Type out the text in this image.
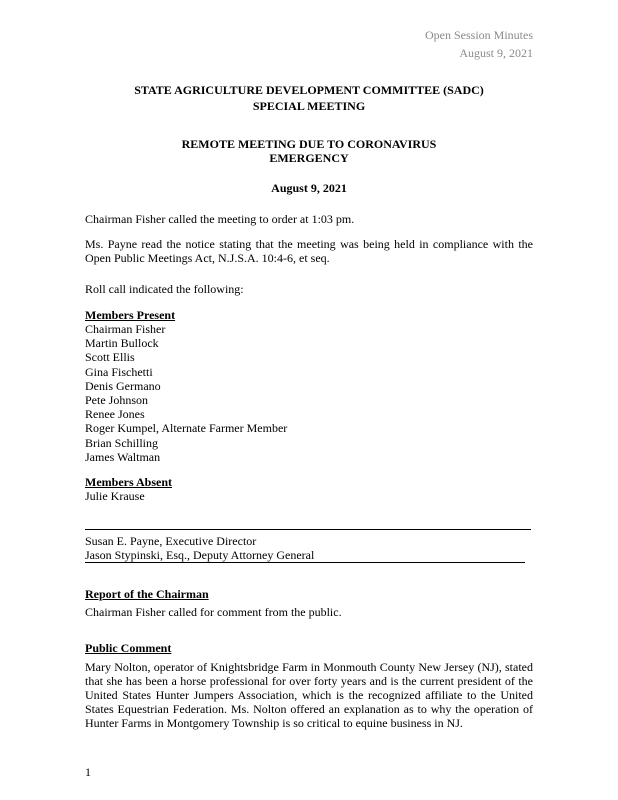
Open Session Minutes
August 9, 2021
STATE AGRICULTURE DEVELOPMENT COMMITTEE (SADC)
SPECIAL MEETING
REMOTE MEETING DUE TO CORONAVIRUS
EMERGENCY
August 9, 2021
Chairman Fisher called the meeting to order at 1:03 pm.
Ms. Payne read the notice stating that the meeting was being held in compliance with the Open Public Meetings Act, N.J.S.A. 10:4-6, et seq.
Roll call indicated the following:
Members Present
Chairman Fisher
Martin Bullock
Scott Ellis
Gina Fischetti
Denis Germano
Pete Johnson
Renee Jones
Roger Kumpel, Alternate Farmer Member
Brian Schilling
James Waltman
Members Absent
Julie Krause
Susan E. Payne, Executive Director
Jason Stypinski, Esq., Deputy Attorney General
Report of the Chairman
Chairman Fisher called for comment from the public.
Public Comment
Mary Nolton, operator of Knightsbridge Farm in Monmouth County New Jersey (NJ), stated that she has been a horse professional for over forty years and is the current president of the United States Hunter Jumpers Association, which is the recognized affiliate to the United States Equestrian Federation. Ms. Nolton offered an explanation as to why the operation of Hunter Farms in Montgomery Township is so critical to equine business in NJ.
1
